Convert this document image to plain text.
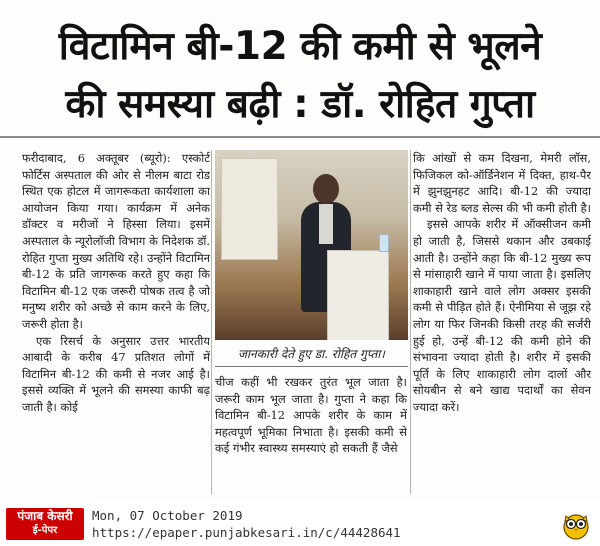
विटामिन बी-12 की कमी से भूलने
की समस्या बढ़ी : डॉ. रोहित गुप्ता

फरीदाबाद, 6 अक्तूबर (ब्यूरो): एस्कोर्ट फोर्टिस अस्पताल की ओर से नीलम बाटा रोड स्थित एक होटल में जागरूकता कार्यशाला का आयोजन किया गया। कार्यक्रम में अनेक डॉक्टर व मरीजों ने हिस्सा लिया। इसमें अस्पताल के न्यूरोलॉजी विभाग के निदेशक डॉ. रोहित गुप्ता मुख्य अतिथि रहे। उन्होंने विटामिन बी-12 के प्रति जागरूक करते हुए कहा कि विटामिन बी-12 एक जरूरी पोषक तत्व है जो मनुष्य शरीर को अच्छे से काम करने के लिए, जरूरी होता है।

एक रिसर्च के अनुसार उत्तर भारतीय आबादी के करीब 47 प्रतिशत लोगों में विटामिन बी-12 की कमी से नजर आई है। इससे व्यक्ति में भूलने की समस्या काफी बढ़ जाती है। कोई

जानकारी देते हुए डा. रोहित गुप्ता।

चीज कहीं भी रखकर तुरंत भूल जाता है। जरूरी काम भूल जाता है। गुप्ता ने कहा कि विटामिन बी-12 आपके शरीर के काम में महत्वपूर्ण भूमिका निभाता है। इसकी कमी से कई गंभीर स्वास्थ्य समस्याएं हो सकती हैं जैसे

कि आंखों से कम दिखना, मेमरी लॉस, फिजिकल को-ऑर्डिनेशन में दिक्त, हाथ-पैर में झुनझुनहट आदि। बी-12 की ज्यादा कमी से रेड ब्लड सेल्स की भी कमी होती है।

इससे आपके शरीर में ऑक्सीजन कमी हो जाती है, जिससे थकान और उबकाई आती है। उन्होंने कहा कि बी-12 मुख्य रूप से मांसाहारी खाने में पाया जाता है। इसलिए शाकाहारी खाने वाले लोग अक्सर इसकी कमी से पीड़ित होते हैं। ऐनीमिया से जूझ रहे लोग या फिर जिनकी किसी तरह की सर्जरी हुई हो, उन्हें बी-12 की कमी होने की संभावना ज्यादा होती है। शरीर में इसकी पूर्ति के लिए शाकाहारी लोग दालों और सोयबीन से बने खाद्य पदार्थों का सेवन ज्यादा करें।

पंजाब केसरी
ई-पेपर
Mon, 07 October 2019
https://epaper.punjabkesari.in/c/44428641
